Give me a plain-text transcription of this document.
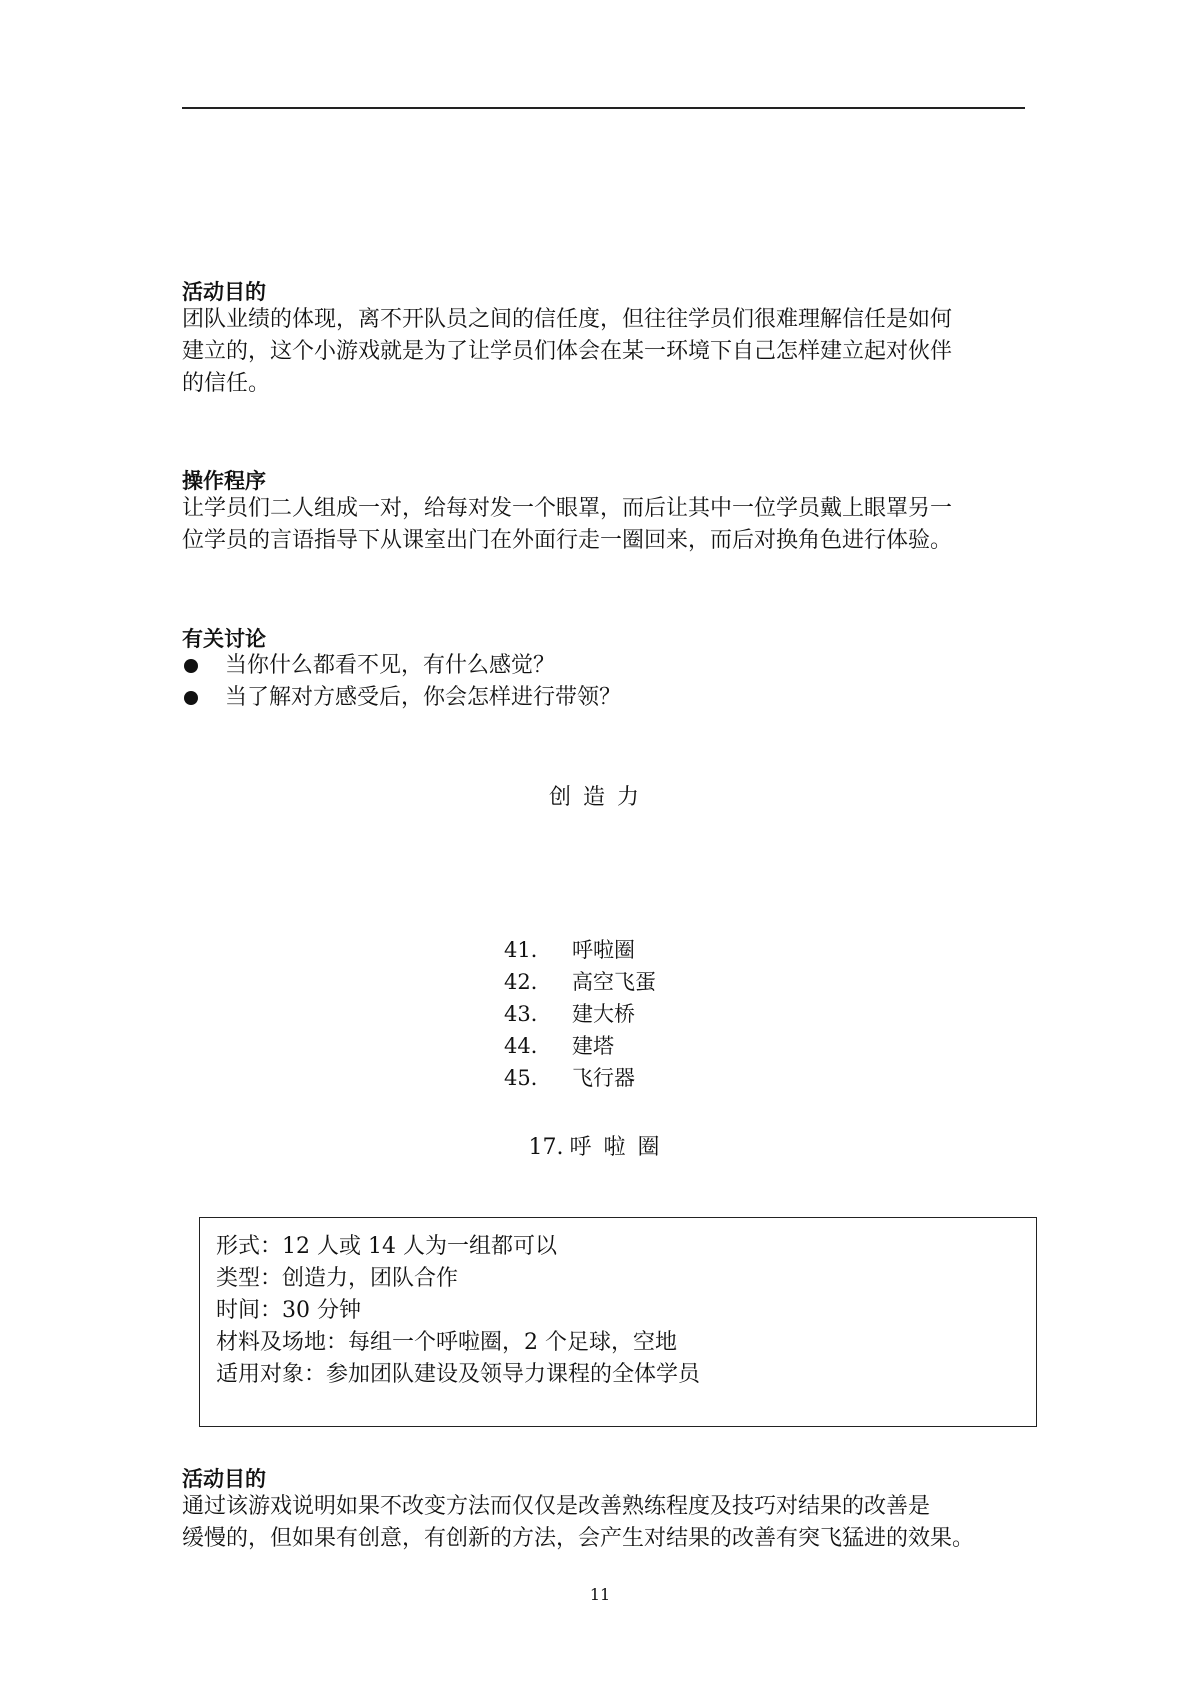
活动目的
团队业绩的体现，离不开队员之间的信任度，但往往学员们很难理解信任是如何
建立的，这个小游戏就是为了让学员们体会在某一环境下自己怎样建立起对伙伴
的信任。
操作程序
让学员们二人组成一对，给每对发一个眼罩，而后让其中一位学员戴上眼罩另一
位学员的言语指导下从课室出门在外面行走一圈回来，而后对换角色进行体验。
有关讨论
当你什么都看不见，有什么感觉？
当了解对方感受后，你会怎样进行带领？
创造力
41． 呼啦圈
42． 高空飞蛋
43． 建大桥
44． 建塔
45． 飞行器
17. 呼啦圈
形式：12 人或 14 人为一组都可以
类型：创造力，团队合作
时间：30 分钟
材料及场地：每组一个呼啦圈，2 个足球，空地
适用对象：参加团队建设及领导力课程的全体学员
活动目的
通过该游戏说明如果不改变方法而仅仅是改善熟练程度及技巧对结果的改善是
缓慢的，但如果有创意，有创新的方法，会产生对结果的改善有突飞猛进的效果。
11
